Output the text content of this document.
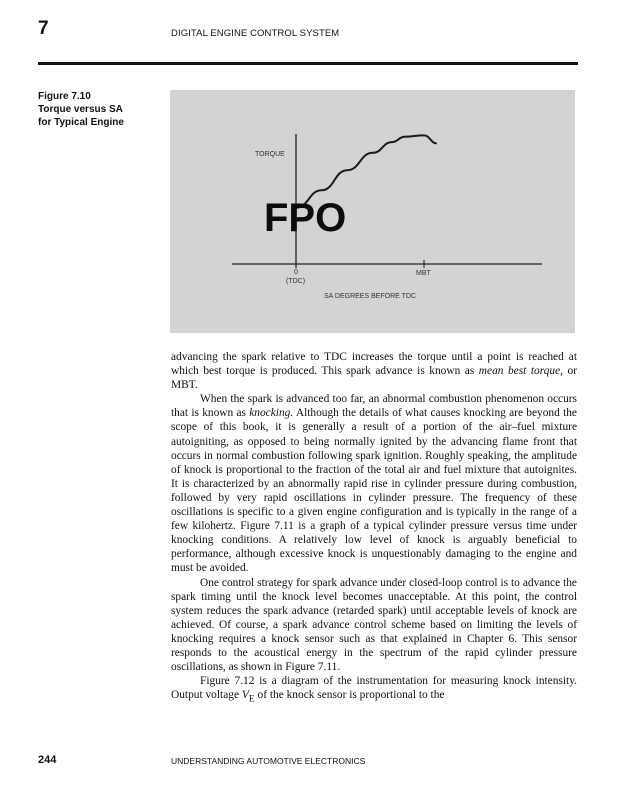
7	DIGITAL ENGINE CONTROL SYSTEM
Figure 7.10
Torque versus SA
for Typical Engine
TORQUE
0
(TDC)
MBT
SA DEGREES BEFORE TDC
FPO

advancing the spark relative to TDC increases the torque until a point is reached at which best torque is produced. This spark advance is known as mean best torque, or MBT.

When the spark is advanced too far, an abnormal combustion phenomenon occurs that is known as knocking. Although the details of what causes knocking are beyond the scope of this book, it is generally a result of a portion of the air–fuel mixture autoigniting, as opposed to being normally ignited by the advancing flame front that occurs in normal combustion following spark ignition. Roughly speaking, the amplitude of knock is proportional to the fraction of the total air and fuel mixture that autoignites. It is characterized by an abnormally rapid rise in cylinder pressure during combustion, followed by very rapid oscillations in cylinder pressure. The frequency of these oscillations is specific to a given engine configuration and is typically in the range of a few kilohertz. Figure 7.11 is a graph of a typical cylinder pressure versus time under knocking conditions. A relatively low level of knock is arguably beneficial to performance, although excessive knock is unquestionably damaging to the engine and must be avoided.

One control strategy for spark advance under closed-loop control is to advance the spark timing until the knock level becomes unacceptable. At this point, the control system reduces the spark advance (retarded spark) until acceptable levels of knock are achieved. Of course, a spark advance control scheme based on limiting the levels of knocking requires a knock sensor such as that explained in Chapter 6. This sensor responds to the acoustical energy in the spectrum of the rapid cylinder pressure oscillations, as shown in Figure 7.11.

Figure 7.12 is a diagram of the instrumentation for measuring knock intensity. Output voltage $V_E$ of the knock sensor is proportional to the

244	UNDERSTANDING AUTOMOTIVE ELECTRONICS
